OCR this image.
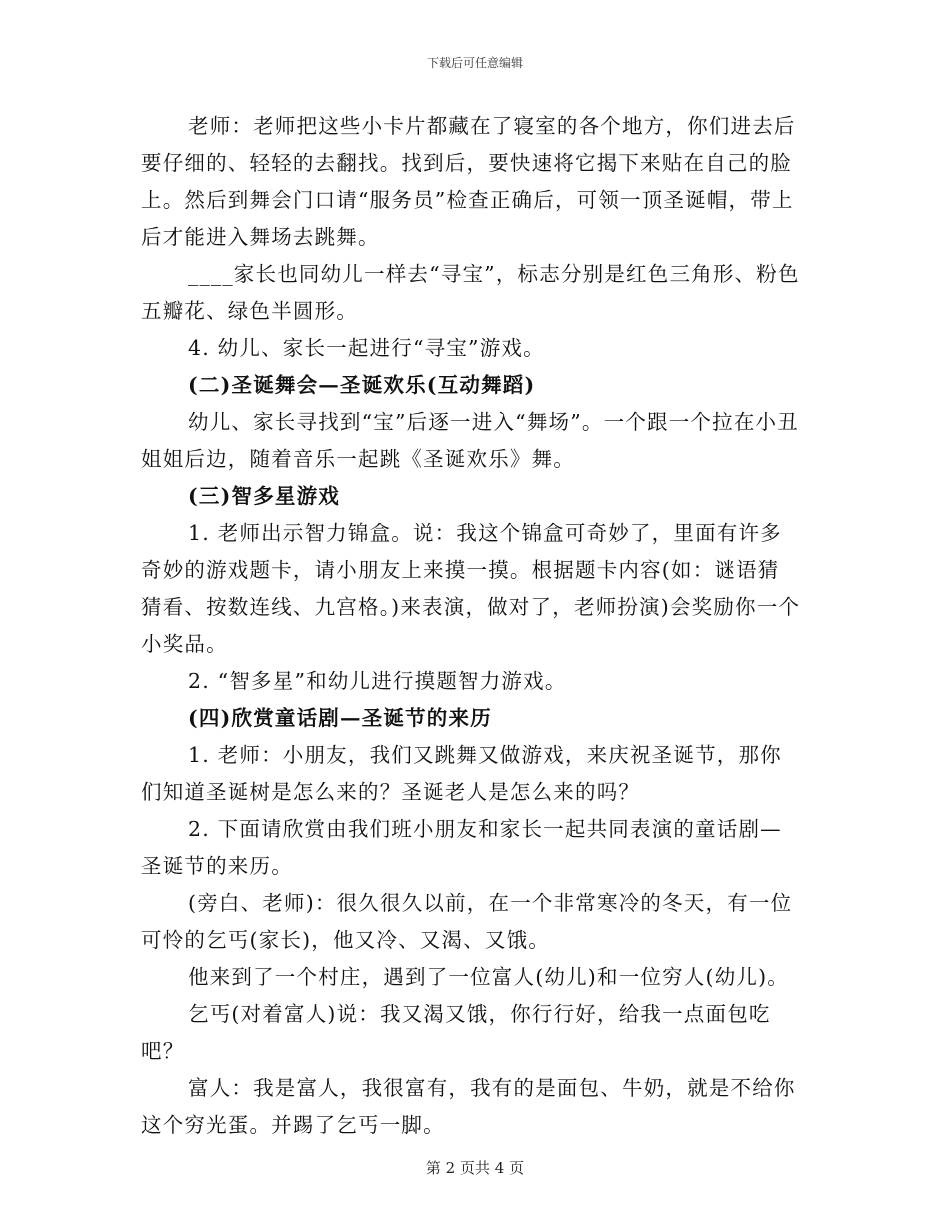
下载后可任意编辑

老师：老师把这些小卡片都藏在了寝室的各个地方，你们进去后要仔细的、轻轻的去翻找。找到后，要快速将它揭下来贴在自己的脸上。然后到舞会门口请“服务员”检查正确后，可领一顶圣诞帽，带上后才能进入舞场去跳舞。

____家长也同幼儿一样去“寻宝”，标志分别是红色三角形、粉色五瓣花、绿色半圆形。

4. 幼儿、家长一起进行“寻宝”游戏。

(二)圣诞舞会—圣诞欢乐(互动舞蹈)

幼儿、家长寻找到“宝”后逐一进入“舞场”。一个跟一个拉在小丑姐姐后边，随着音乐一起跳《圣诞欢乐》舞。

(三)智多星游戏

1. 老师出示智力锦盒。说：我这个锦盒可奇妙了，里面有许多奇妙的游戏题卡，请小朋友上来摸一摸。根据题卡内容(如：谜语猜猜看、按数连线、九宫格。)来表演，做对了，老师扮演)会奖励你一个小奖品。

2. “智多星”和幼儿进行摸题智力游戏。

(四)欣赏童话剧—圣诞节的来历

1. 老师：小朋友，我们又跳舞又做游戏，来庆祝圣诞节，那你们知道圣诞树是怎么来的？圣诞老人是怎么来的吗？

2. 下面请欣赏由我们班小朋友和家长一起共同表演的童话剧—圣诞节的来历。

(旁白、老师)：很久很久以前，在一个非常寒冷的冬天，有一位可怜的乞丐(家长)，他又冷、又渴、又饿。

他来到了一个村庄，遇到了一位富人(幼儿)和一位穷人(幼儿)。

乞丐(对着富人)说：我又渴又饿，你行行好，给我一点面包吃吧？

富人：我是富人，我很富有，我有的是面包、牛奶，就是不给你这个穷光蛋。并踢了乞丐一脚。

第 2 页共 4 页
